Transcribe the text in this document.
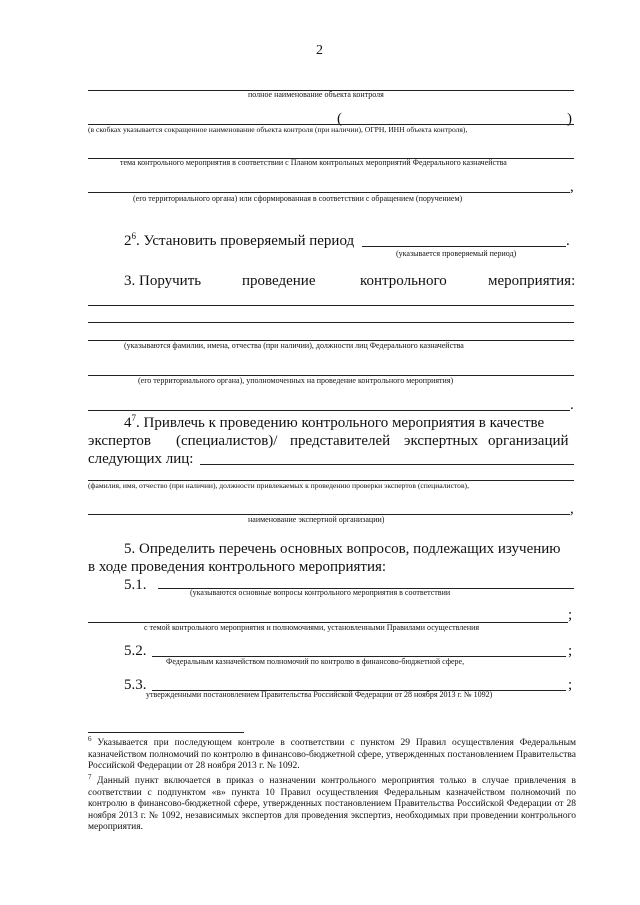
2
полное наименование объекта контроля
(	)
(в скобках указывается сокращенное наименование объекта контроля (при наличии), ОГРН, ИНН объекта контроля),
тема контрольного мероприятия в соответствии с Планом контрольных мероприятий Федерального казначейства
,
(его территориального органа) или сформированная в соответствии с обращением (поручением)
$2^6$. Установить проверяемый период	.
(указывается проверяемый период)
3. Поручить	проведение	контрольного	мероприятия:
(указываются фамилии, имена, отчества (при наличии), должности лиц Федерального казначейства
(его территориального органа), уполномоченных на проведение контрольного мероприятия)
.
$4^7$. Привлечь к проведению контрольного мероприятия в качестве
экспертов (специалистов)/ представителей экспертных организаций
следующих лиц:
(фамилия, имя, отчество (при наличии), должности привлекаемых к проведению проверки экспертов (специалистов),
,
наименование экспертной организации)
5. Определить перечень основных вопросов, подлежащих изучению
в ходе проведения контрольного мероприятия:
5.1.	(указываются основные вопросы контрольного мероприятия в соответствии
;
с темой контрольного мероприятия и полномочиями, установленными Правилами осуществления
5.2.	;
Федеральным казначейством полномочий по контролю в финансово-бюджетной сфере,
5.3.	;
утвержденными постановлением Правительства Российской Федерации от 28 ноября 2013 г. № 1092)
$^6$ Указывается при последующем контроле в соответствии с пунктом 29 Правил осуществления Федеральным казначейством полномочий по контролю в финансово-бюджетной сфере, утвержденных постановлением Правительства Российской Федерации от 28 ноября 2013 г. № 1092.
$^7$ Данный пункт включается в приказ о назначении контрольного мероприятия только в случае привлечения в соответствии с подпунктом «в» пункта 10 Правил осуществления Федеральным казначейством полномочий по контролю в финансово-бюджетной сфере, утвержденных постановлением Правительства Российской Федерации от 28 ноября 2013 г. № 1092, независимых экспертов для проведения экспертиз, необходимых при проведении контрольного мероприятия.
